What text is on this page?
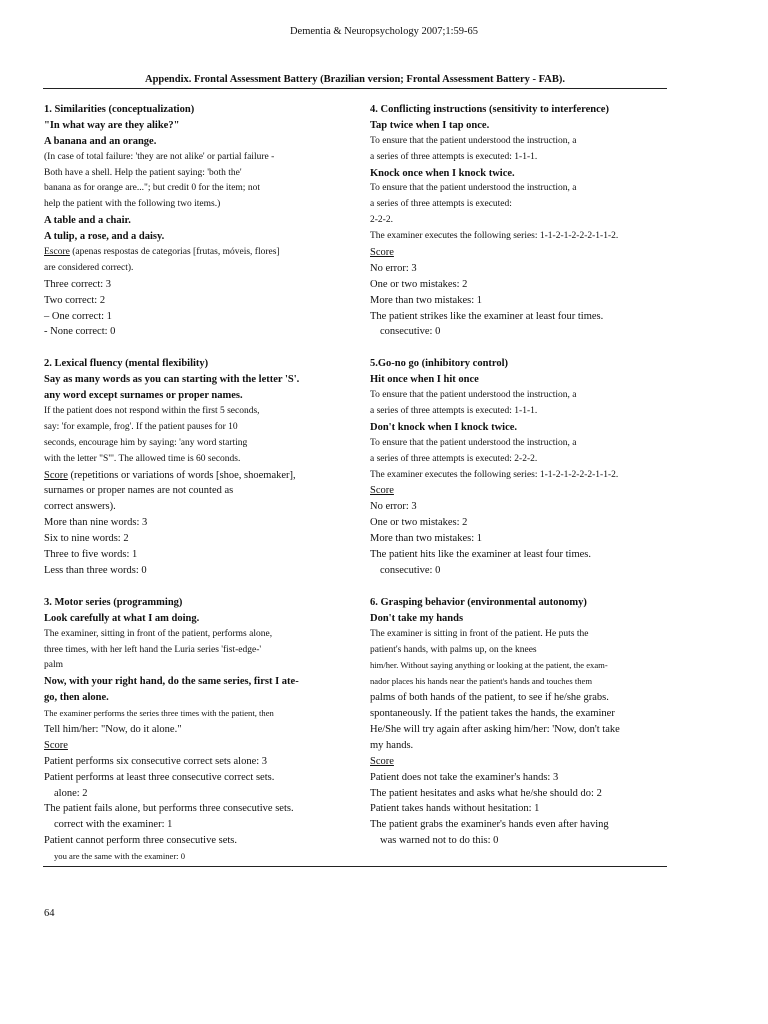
Dementia & Neuropsychology 2007;1:59-65
Appendix. Frontal Assessment Battery (Brazilian version; Frontal Assessment Battery - FAB).
1. Similarities (conceptualization)
"In what way are they alike?"
A banana and an orange.
(In case of total failure: 'they are not alike' or partial failure -
Both have a shell. Help the patient saying: 'both the'
banana as for orange are..."; but credit 0 for the item; not
help the patient with the following two items.)
A table and a chair.
A tulip, a rose, and a daisy.
Escore (apenas respostas de categorias [frutas, móveis, flores]
are considered correct).
Three correct: 3
Two correct: 2
– One correct: 1
- None correct: 0
2. Lexical fluency (mental flexibility)
Say as many words as you can starting with the letter 'S'.
any word except surnames or proper names.
If the patient does not respond within the first 5 seconds,
say: 'for example, frog'. If the patient pauses for 10
seconds, encourage him by saying: 'any word starting
with the letter "S"'. The allowed time is 60 seconds.
Score (repetitions or variations of words [shoe, shoemaker],
surnames or proper names are not counted as
correct answers).
More than nine words: 3
Six to nine words: 2
Three to five words: 1
Less than three words: 0
3. Motor series (programming)
Look carefully at what I am doing.
The examiner, sitting in front of the patient, performs alone,
three times, with her left hand the Luria series 'fist-edge-'
palm
Now, with your right hand, do the same series, first I ate-
go, then alone.
The examiner performs the series three times with the patient, then
Tell him/her: "Now, do it alone."
Score
Patient performs six consecutive correct sets alone: 3
Patient performs at least three consecutive correct sets.
alone: 2
The patient fails alone, but performs three consecutive sets.
correct with the examiner: 1
Patient cannot perform three consecutive sets.
you are the same with the examiner: 0
4. Conflicting instructions (sensitivity to interference)
Tap twice when I tap once.
To ensure that the patient understood the instruction, a
a series of three attempts is executed: 1-1-1.
Knock once when I knock twice.
To ensure that the patient understood the instruction, a
a series of three attempts is executed:
2-2-2.
The examiner executes the following series: 1-1-2-1-2-2-2-1-1-2.
Score
No error: 3
One or two mistakes: 2
More than two mistakes: 1
The patient strikes like the examiner at least four times.
consecutive: 0
5.Go-no go (inhibitory control)
Hit once when I hit once
To ensure that the patient understood the instruction, a
a series of three attempts is executed: 1-1-1.
Don't knock when I knock twice.
To ensure that the patient understood the instruction, a
a series of three attempts is executed: 2-2-2.
The examiner executes the following series: 1-1-2-1-2-2-2-1-1-2.
Score
No error: 3
One or two mistakes: 2
More than two mistakes: 1
The patient hits like the examiner at least four times.
consecutive: 0
6. Grasping behavior (environmental autonomy)
Don't take my hands
The examiner is sitting in front of the patient. He puts the
patient's hands, with palms up, on the knees
him/her. Without saying anything or looking at the patient, the exam-
nador places his hands near the patient's hands and touches them
palms of both hands of the patient, to see if he/she grabs.
spontaneously. If the patient takes the hands, the examiner
He/She will try again after asking him/her: 'Now, don't take
my hands.
Score
Patient does not take the examiner's hands: 3
The patient hesitates and asks what he/she should do: 2
Patient takes hands without hesitation: 1
The patient grabs the examiner's hands even after having
was warned not to do this: 0
64
